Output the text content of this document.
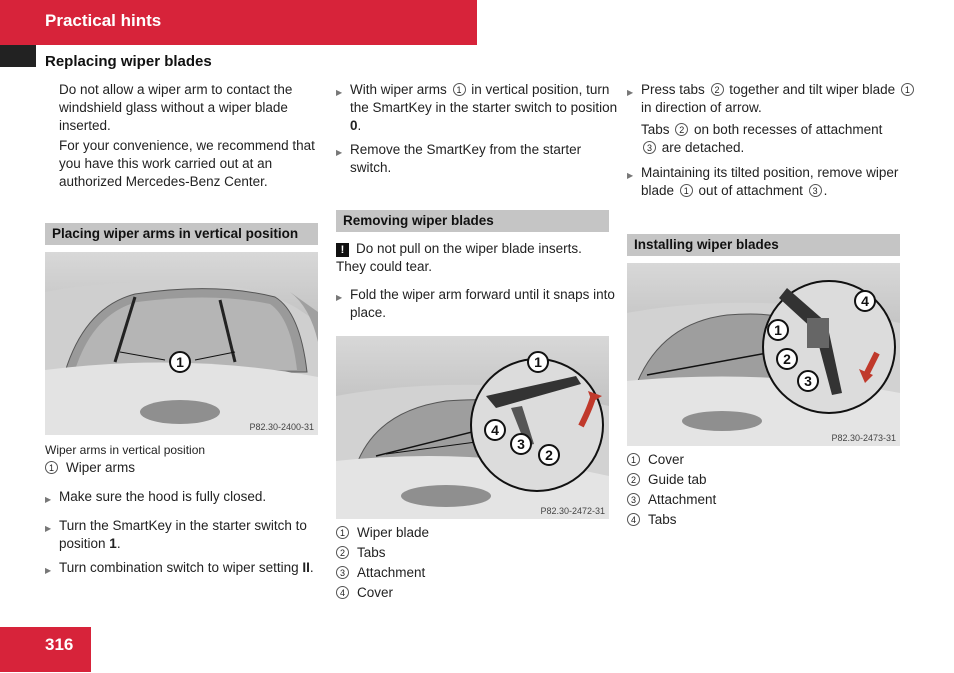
Practical hints
Replacing wiper blades
Do not allow a wiper arm to contact the windshield glass without a wiper blade inserted.
For your convenience, we recommend that you have this work carried out at an authorized Mercedes-Benz Center.
Placing wiper arms in vertical position
1
P82.30-2400-31
Wiper arms in vertical position
1 Wiper arms
▶ Make sure the hood is fully closed.
▶ Turn the SmartKey in the starter switch to position 1.
▶ Turn combination switch to wiper setting II.
▶ With wiper arms 1 in vertical position, turn the SmartKey in the starter switch to position 0.
▶ Remove the SmartKey from the starter switch.
Removing wiper blades
! Do not pull on the wiper blade inserts. They could tear.
▶ Fold the wiper arm forward until it snaps into place.
1
4
3
2
P82.30-2472-31
1 Wiper blade
2 Tabs
3 Attachment
4 Cover
▶ Press tabs 2 together and tilt wiper blade 1 in direction of arrow.
Tabs 2 on both recesses of attachment 3 are detached.
▶ Maintaining its tilted position, remove wiper blade 1 out of attachment 3 .
Installing wiper blades
4
1
2
3
P82.30-2473-31
1 Cover
2 Guide tab
3 Attachment
4 Tabs
316
